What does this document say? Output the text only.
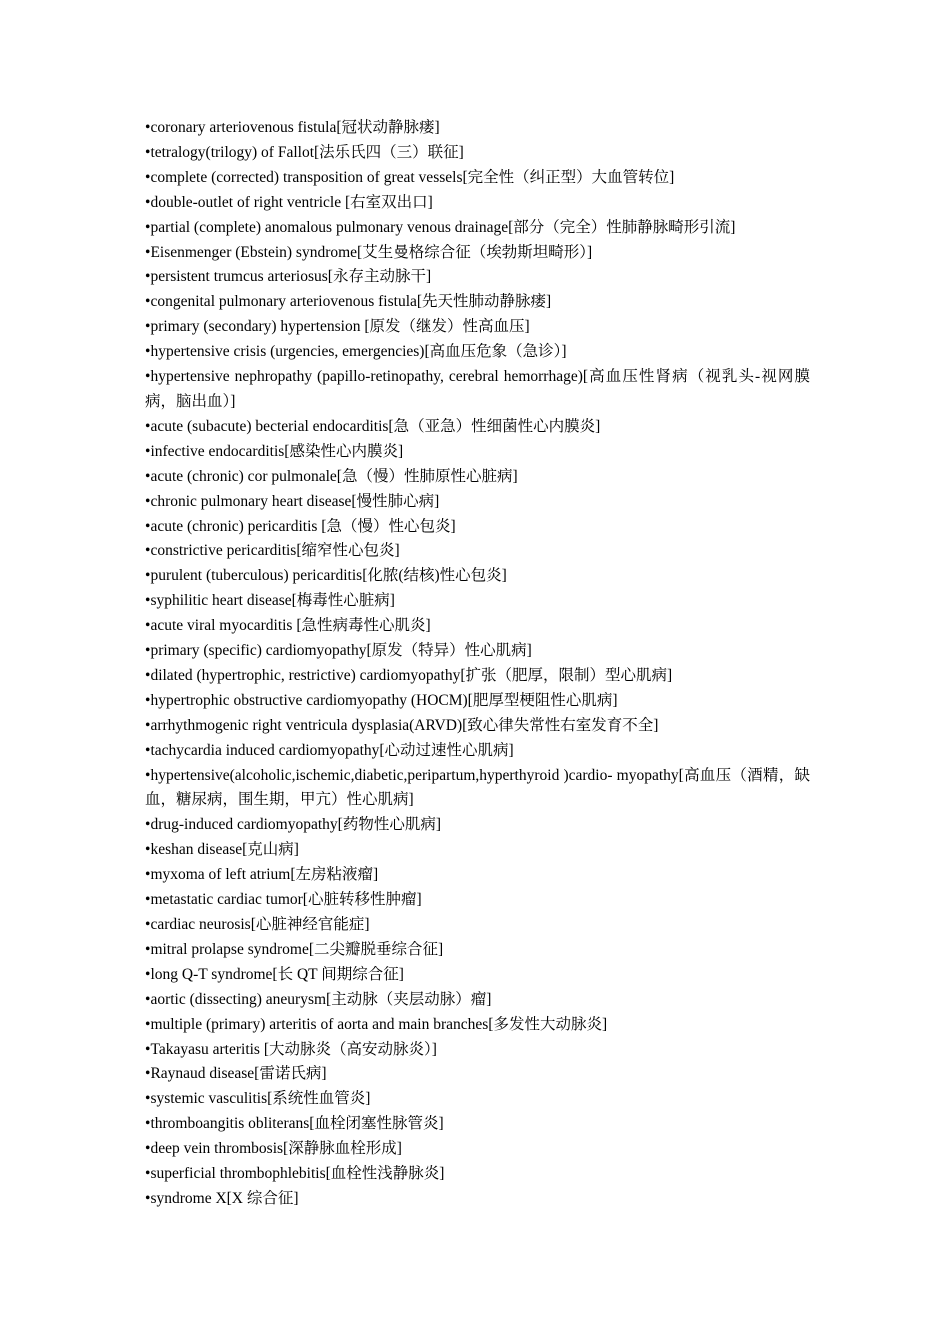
•coronary arteriovenous fistula[冠状动静脉瘘]

•tetralogy(trilogy) of Fallot[法乐氏四（三）联征]

•complete (corrected) transposition of great vessels[完全性（纠正型）大血管转位]

•double-outlet of right ventricle [右室双出口]

•partial (complete) anomalous pulmonary venous drainage[部分（完全）性肺静脉畸形引流]

•Eisenmenger (Ebstein) syndrome[艾生曼格综合征（埃勃斯坦畸形）]

•persistent trumcus arteriosus[永存主动脉干]

•congenital pulmonary arteriovenous fistula[先天性肺动静脉瘘]

•primary (secondary) hypertension [原发（继发）性高血压]

•hypertensive crisis (urgencies, emergencies)[高血压危象（急诊）]

•hypertensive nephropathy (papillo-retinopathy, cerebral hemorrhage)[高血压性肾病（视乳头-视网膜病，脑出血）]

•acute (subacute) becterial endocarditis[急（亚急）性细菌性心内膜炎]

•infective endocarditis[感染性心内膜炎]

•acute (chronic) cor pulmonale[急（慢）性肺原性心脏病]

•chronic pulmonary heart disease[慢性肺心病]

•acute (chronic) pericarditis [急（慢）性心包炎]

•constrictive pericarditis[缩窄性心包炎]

•purulent (tuberculous) pericarditis[化脓(结核)性心包炎]

•syphilitic heart disease[梅毒性心脏病]

•acute viral myocarditis [急性病毒性心肌炎]

•primary (specific) cardiomyopathy[原发（特异）性心肌病]

•dilated (hypertrophic, restrictive) cardiomyopathy[扩张（肥厚，限制）型心肌病]

•hypertrophic obstructive cardiomyopathy (HOCM)[肥厚型梗阻性心肌病]

•arrhythmogenic right ventricula dysplasia(ARVD)[致心律失常性右室发育不全]

•tachycardia induced cardiomyopathy[心动过速性心肌病]

•hypertensive(alcoholic,ischemic,diabetic,peripartum,hyperthyroid )cardio- myopathy[高血压（酒精，缺血，糖尿病，围生期，甲亢）性心肌病]

•drug-induced cardiomyopathy[药物性心肌病]

•keshan disease[克山病]

•myxoma of left atrium[左房粘液瘤]

•metastatic cardiac tumor[心脏转移性肿瘤]

•cardiac neurosis[心脏神经官能症]

•mitral prolapse syndrome[二尖瓣脱垂综合征]

•long Q-T syndrome[长 QT 间期综合征]

•aortic (dissecting) aneurysm[主动脉（夹层动脉）瘤]

•multiple (primary) arteritis of aorta and main branches[多发性大动脉炎]

•Takayasu arteritis [大动脉炎（高安动脉炎）]

•Raynaud disease[雷诺氏病]

•systemic vasculitis[系统性血管炎]

•thromboangitis obliterans[血栓闭塞性脉管炎]

•deep vein thrombosis[深静脉血栓形成]

•superficial thrombophlebitis[血栓性浅静脉炎]

•syndrome X[X 综合征]
